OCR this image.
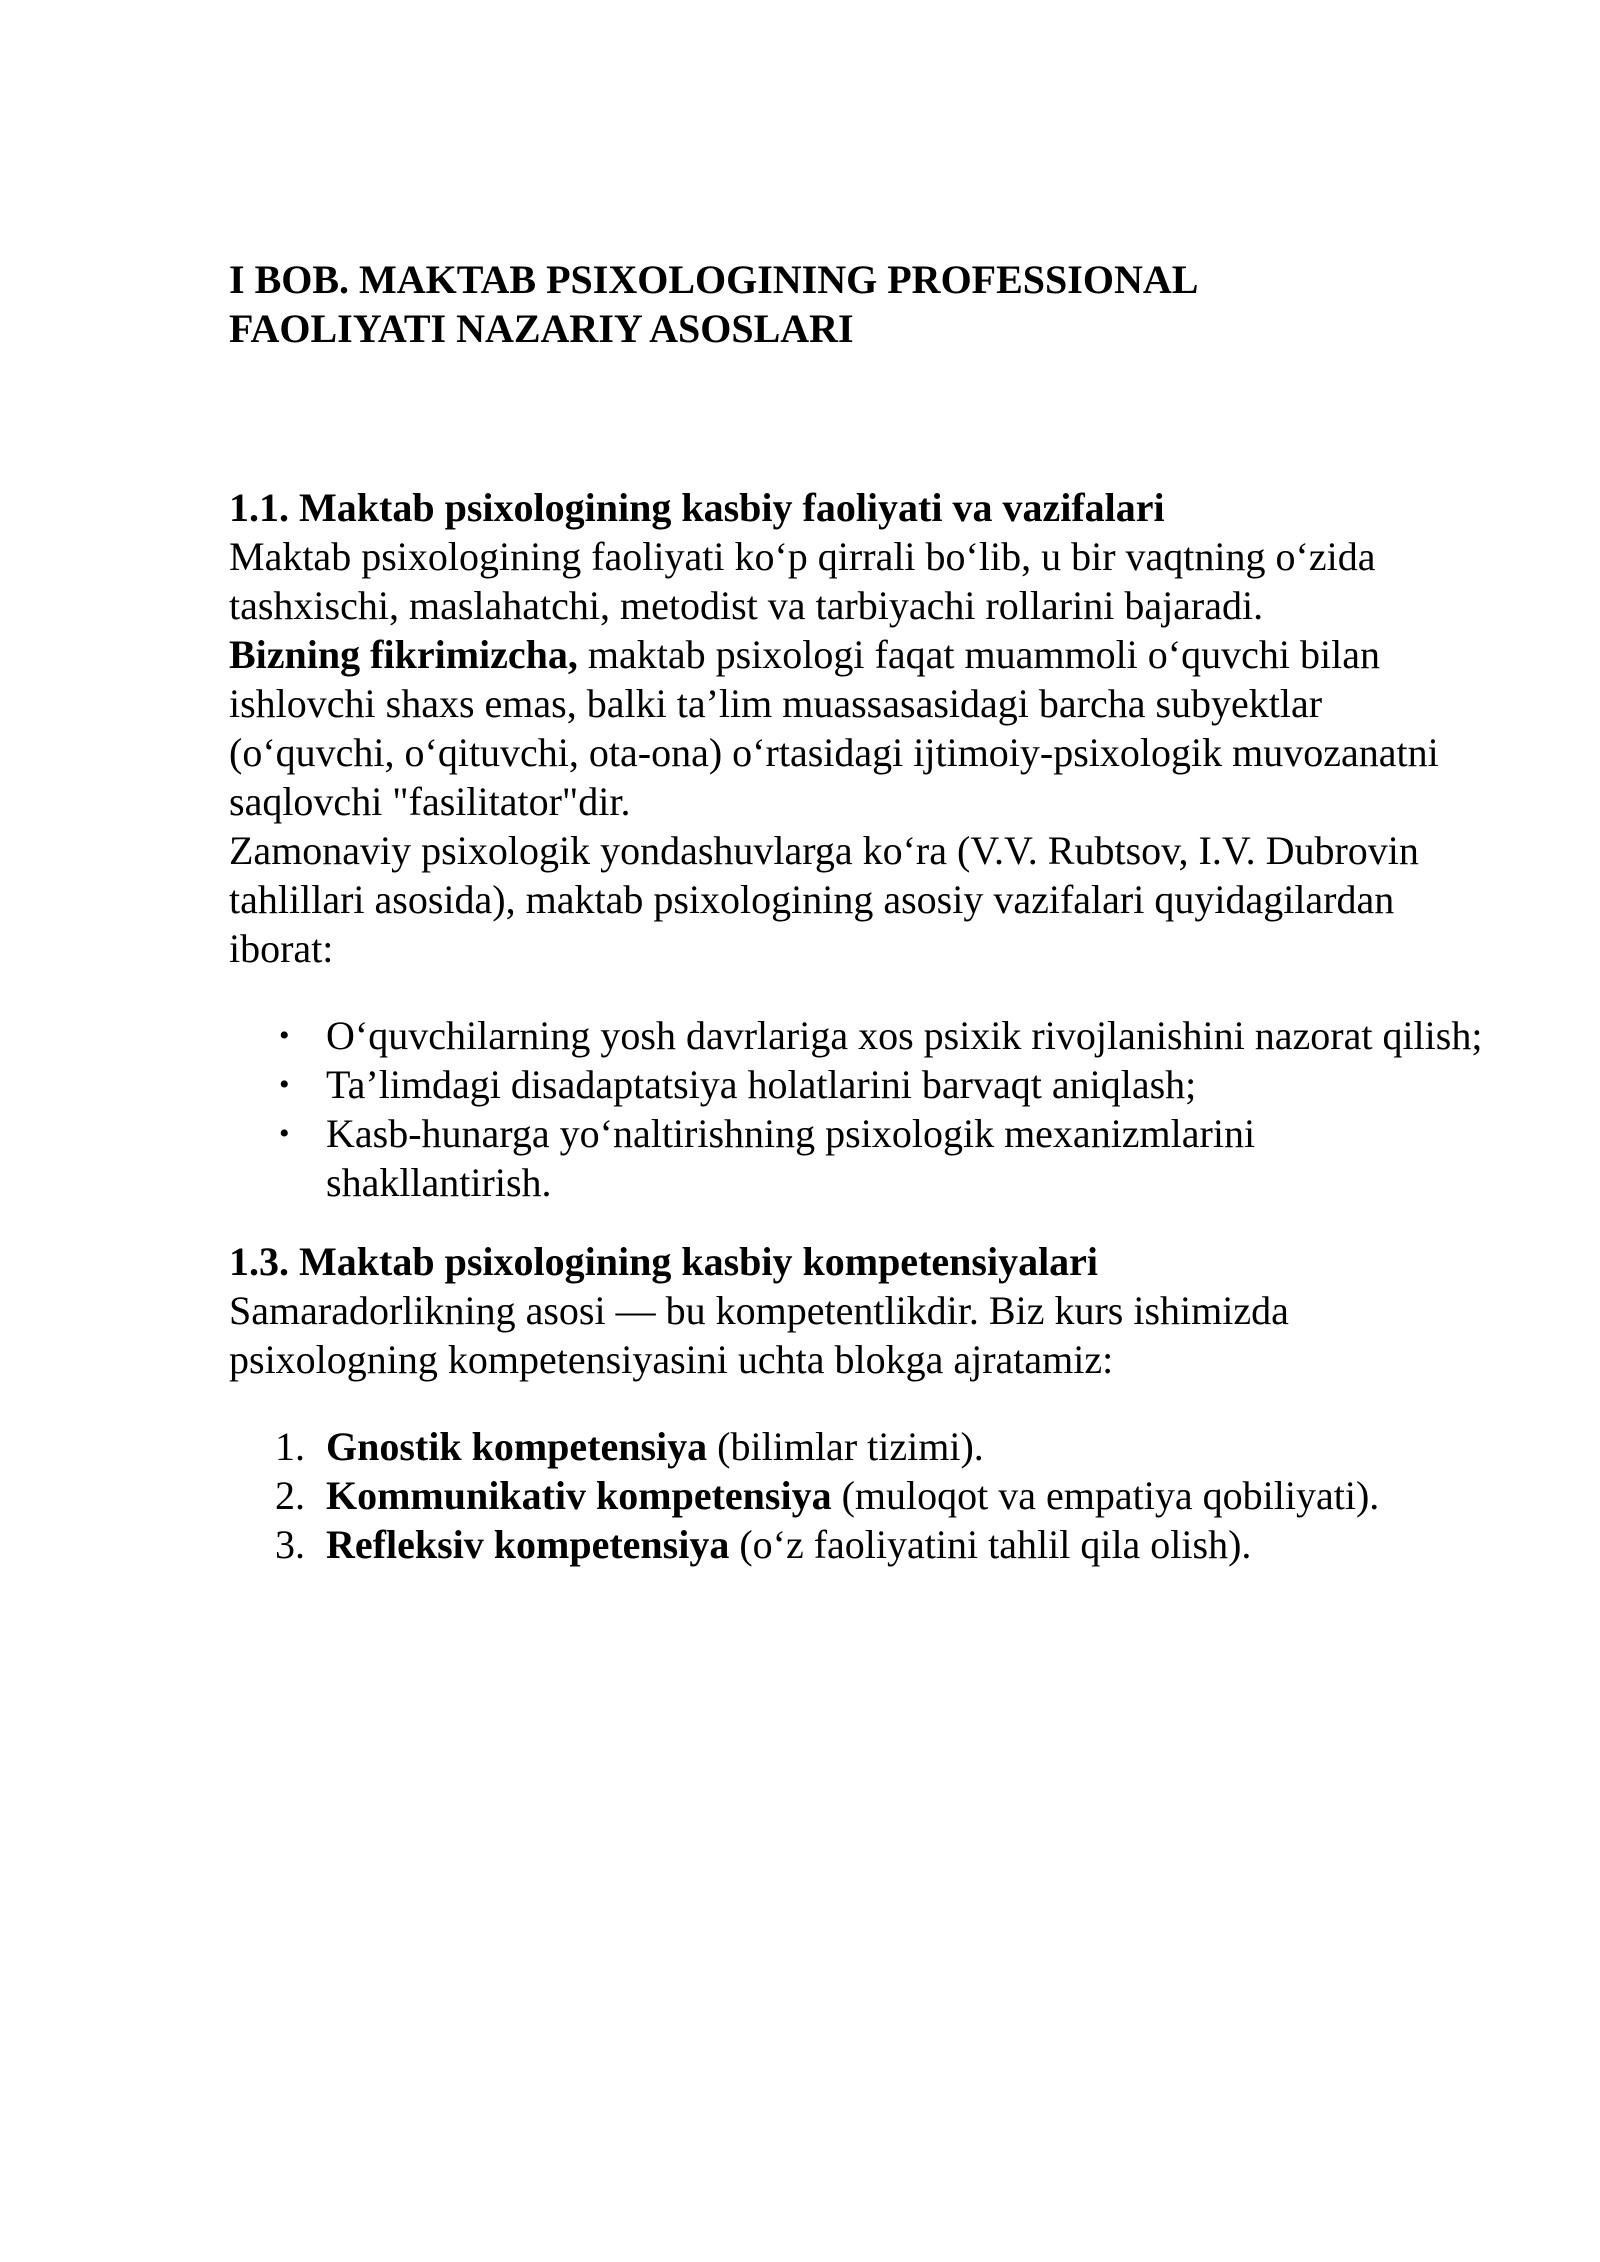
I BOB. MAKTAB PSIXOLOGINING PROFESSIONAL
FAOLIYATI NAZARIY ASOSLARI
1.1. Maktab psixologining kasbiy faoliyati va vazifalari

Maktab psixologining faoliyati ko‘p qirrali bo‘lib, u bir vaqtning o‘zida tashxischi, maslahatchi, metodist va tarbiyachi rollarini bajaradi.
Bizning fikrimizcha, maktab psixologi faqat muammoli o‘quvchi bilan ishlovchi shaxs emas, balki ta’lim muassasasidagi barcha subyektlar (o‘quvchi, o‘qituvchi, ota-ona) o‘rtasidagi ijtimoiy-psixologik muvozanatni saqlovchi "fasilitator"dir.

Zamonaviy psixologik yondashuvlarga ko‘ra (V.V. Rubtsov, I.V. Dubrovin tahlillari asosida), maktab psixologining asosiy vazifalari quyidagilardan iborat:

• O‘quvchilarning yosh davrlariga xos psixik rivojlanishini nazorat qilish;
• Ta’limdagi disadaptatsiya holatlarini barvaqt aniqlash;
• Kasb-hunarga yo‘naltirishning psixologik mexanizmlarini shakllantirish.
1.3. Maktab psixologining kasbiy kompetensiyalari

Samaradorlikning asosi — bu kompetentlikdir. Biz kurs ishimizda psixologning kompetensiyasini uchta blokga ajratamiz:

1. Gnostik kompetensiya (bilimlar tizimi).
2. Kommunikativ kompetensiya (muloqot va empatiya qobiliyati).
3. Refleksiv kompetensiya (o‘z faoliyatini tahlil qila olish).
